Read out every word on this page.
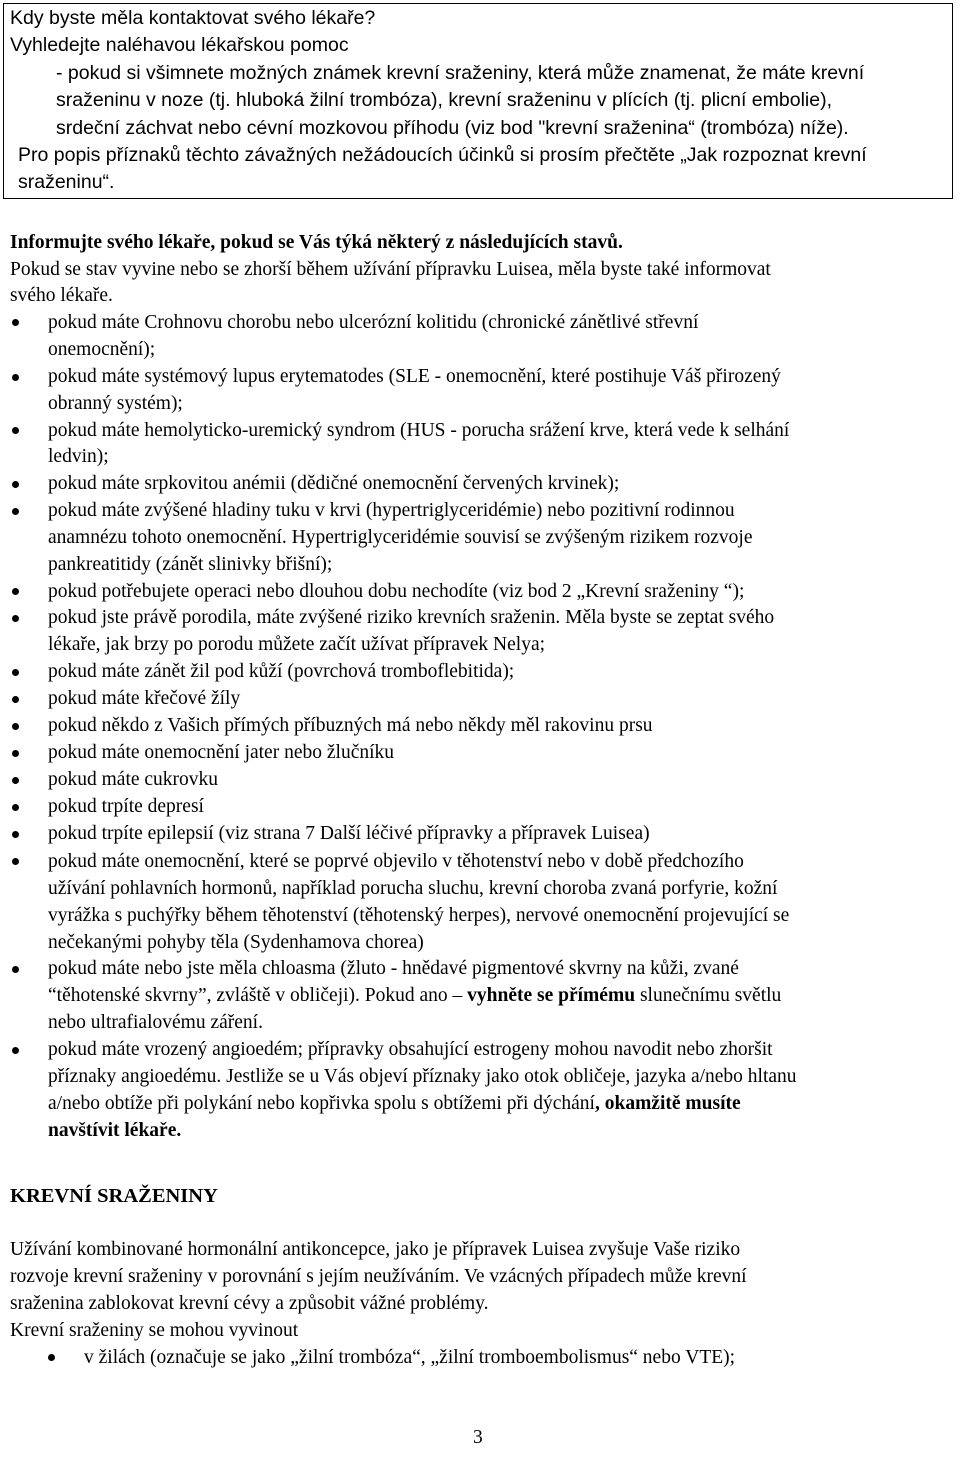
Kdy byste měla kontaktovat svého lékaře?
Vyhledejte naléhavou lékařskou pomoc
- pokud si všimnete možných známek krevní sraženiny, která může znamenat, že máte krevní
sraženinu v noze (tj. hluboká žilní trombóza), krevní sraženinu v plících (tj. plicní embolie),
srdeční záchvat nebo cévní mozkovou příhodu (viz bod "krevní sraženina“ (trombóza) níže).
Pro popis příznaků těchto závažných nežádoucích účinků si prosím přečtěte „Jak rozpoznat krevní
sraženinu“.
Informujte svého lékaře, pokud se Vás týká některý z následujících stavů.
Pokud se stav vyvine nebo se zhorší během užívání přípravku Luisea, měla byste také informovat
svého lékaře.
pokud máte Crohnovu chorobu nebo ulcerózní kolitidu (chronické zánětlivé střevní
onemocnění);
pokud máte systémový lupus erytematodes (SLE - onemocnění, které postihuje Váš přirozený
obranný systém);
pokud máte hemolyticko-uremický syndrom (HUS - porucha srážení krve, která vede k selhání
ledvin);
pokud máte srpkovitou anémii (dědičné onemocnění červených krvinek);
pokud máte zvýšené hladiny tuku v krvi (hypertriglyceridémie) nebo pozitivní rodinnou
anamnézu tohoto onemocnění. Hypertriglyceridémie souvisí se zvýšeným rizikem rozvoje
pankreatitidy (zánět slinivky břišní);
pokud potřebujete operaci nebo dlouhou dobu nechodíte (viz bod 2 „Krevní sraženiny “);
pokud jste právě porodila, máte zvýšené riziko krevních sraženin. Měla byste se zeptat svého
lékaře, jak brzy po porodu můžete začít užívat přípravek Nelya;
pokud máte zánět žil pod kůží (povrchová tromboflebitida);
pokud máte křečové žíly
pokud někdo z Vašich přímých příbuzných má nebo někdy měl rakovinu prsu
pokud máte onemocnění jater nebo žlučníku
pokud máte cukrovku
pokud trpíte depresí
pokud trpíte epilepsií (viz strana 7 Další léčivé přípravky a přípravek Luisea)
pokud máte onemocnění, které se poprvé objevilo v těhotenství nebo v době předchozího
užívání pohlavních hormonů, například porucha sluchu, krevní choroba zvaná porfyrie, kožní
vyrážka s puchýřky během těhotenství (těhotenský herpes), nervové onemocnění projevující se
nečekanými pohyby těla (Sydenhamova chorea)
pokud máte nebo jste měla chloasma (žluto - hnědavé pigmentové skvrny na kůži, zvané
“těhotenské skvrny”, zvláště v obličeji). Pokud ano – vyhněte se přímému slunečnímu světlu
nebo ultrafialovému záření.
pokud máte vrozený angioedém; přípravky obsahující estrogeny mohou navodit nebo zhoršit
příznaky angioedému. Jestliže se u Vás objeví příznaky jako otok obličeje, jazyka a/nebo hltanu
a/nebo obtíže při polykání nebo kopřivka spolu s obtížemi při dýchání, okamžitě musíte
navštívit lékaře.
KREVNÍ SRAŽENINY
Užívání kombinované hormonální antikoncepce, jako je přípravek Luisea zvyšuje Vaše riziko
rozvoje krevní sraženiny v porovnání s jejím neužíváním. Ve vzácných případech může krevní
sraženina zablokovat krevní cévy a způsobit vážné problémy.
Krevní sraženiny se mohou vyvinout
v žilách (označuje se jako „žilní trombóza“, „žilní tromboembolismus“ nebo VTE);
3
